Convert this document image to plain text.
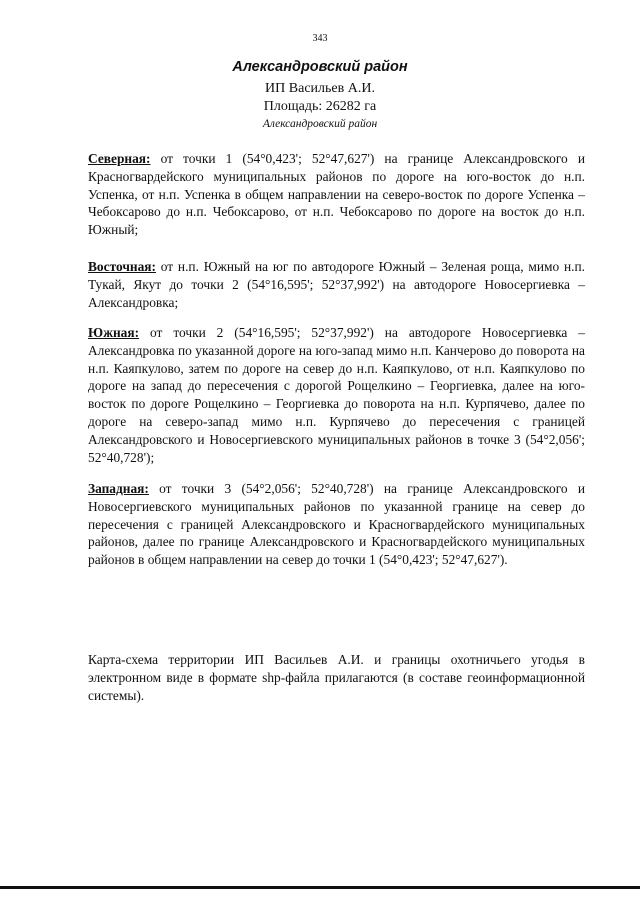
343
Александровский район
ИП Васильев А.И.
Площадь: 26282 га
Александровский район

Северная: от точки 1 (54°0,423'; 52°47,627') на границе Александровского и Красногвардейского муниципальных районов по дороге на юго-восток до н.п. Успенка, от н.п. Успенка в общем направлении на северо-восток по дороге Успенка – Чебоксарово до н.п. Чебоксарово, от н.п. Чебоксарово по дороге на восток до н.п. Южный;

Восточная: от н.п. Южный на юг по автодороге Южный – Зеленая роща, мимо н.п. Тукай, Якут до точки 2 (54°16,595'; 52°37,992') на автодороге Новосергиевка – Александровка;

Южная: от точки 2 (54°16,595'; 52°37,992') на автодороге Новосергиевка – Александровка по указанной дороге на юго-запад мимо н.п. Канчерово до поворота на н.п. Каяпкулово, затем по дороге на север до н.п. Каяпкулово, от н.п. Каяпкулово по дороге на запад до пересечения с дорогой Рощелкино – Георгиевка, далее на юго-восток по дороге Рощелкино – Георгиевка до поворота на н.п. Курпячево, далее по дороге на северо-запад мимо н.п. Курпячево до пересечения с границей Александровского и Новосергиевского муниципальных районов в точке 3 (54°2,056'; 52°40,728');

Западная: от точки 3 (54°2,056'; 52°40,728') на границе Александровского и Новосергиевского муниципальных районов по указанной границе на север до пересечения с границей Александровского и Красногвардейского муниципальных районов, далее по границе Александровского и Красногвардейского муниципальных районов в общем направлении на север до точки 1 (54°0,423'; 52°47,627').

Карта-схема территории ИП Васильев А.И. и границы охотничьего угодья в электронном виде в формате shp-файла прилагаются (в составе геоинформационной системы).
